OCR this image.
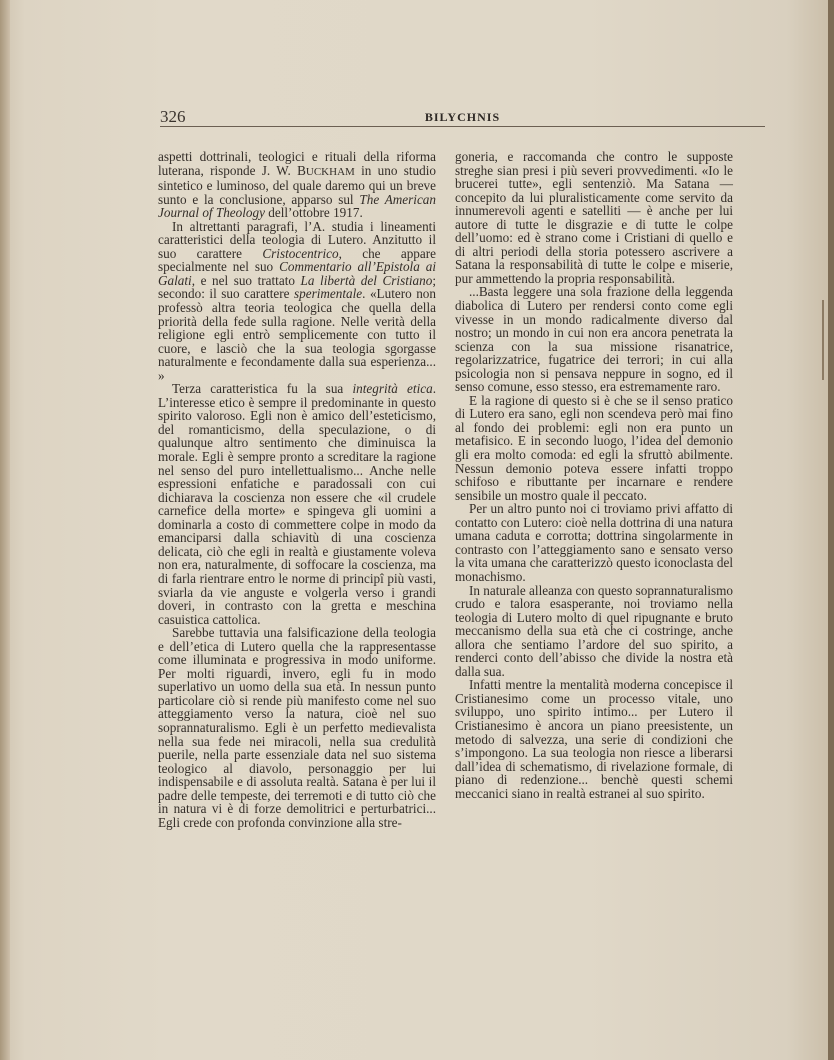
326	BILYCHNIS

aspetti dottrinali, teologici e rituali della riforma luterana, risponde J. W. BUCKHAM in uno studio sintetico e luminoso, del quale daremo qui un breve sunto e la conclusione, apparso sul The American Journal of Theology dell’ottobre 1917.

In altrettanti paragrafi, l’A. studia i lineamenti caratteristici della teologia di Lutero. Anzitutto il suo carattere Cristocentrico, che appare specialmente nel suo Commentario all’Epistola ai Galati, e nel suo trattato La libertà del Cristiano; secondo: il suo carattere sperimentale. «Lutero non professò altra teoria teologica che quella della priorità della fede sulla ragione. Nelle verità della religione egli entrò semplicemente con tutto il cuore, e lasciò che la sua teologia sgorgasse naturalmente e fecondamente dalla sua esperienza... »

Terza caratteristica fu la sua integrità etica. L’interesse etico è sempre il predominante in questo spirito valoroso. Egli non è amico dell’esteticismo, del romanticismo, della speculazione, o di qualunque altro sentimento che diminuisca la morale. Egli è sempre pronto a screditare la ragione nel senso del puro intellettualismo... Anche nelle espressioni enfatiche e paradossali con cui dichiarava la coscienza non essere che «il crudele carnefice della morte» e spingeva gli uomini a dominarla a costo di commettere colpe in modo da emanciparsi dalla schiavitù di una coscienza delicata, ciò che egli in realtà e giustamente voleva non era, naturalmente, di soffocare la coscienza, ma di farla rientrare entro le norme di principî più vasti, sviarla da vie anguste e volgerla verso i grandi doveri, in contrasto con la gretta e meschina casuistica cattolica.

Sarebbe tuttavia una falsificazione della teologia e dell’etica di Lutero quella che la rappresentasse come illuminata e progressiva in modo uniforme. Per molti riguardi, invero, egli fu in modo superlativo un uomo della sua età. In nessun punto particolare ciò si rende più manifesto come nel suo atteggiamento verso la natura, cioè nel suo soprannaturalismo. Egli è un perfetto medievalista nella sua fede nei miracoli, nella sua credulità puerile, nella parte essenziale data nel suo sistema teologico al diavolo, personaggio per lui indispensabile e di assoluta realtà. Satana è per lui il padre delle tempeste, dei terremoti e di tutto ciò che in natura vi è di forze demolitrici e perturbatrici... Egli crede con profonda convinzione alla stre-

goneria, e raccomanda che contro le supposte streghe sian presi i più severi provvedimenti. «Io le brucerei tutte», egli sentenziò. Ma Satana — concepito da lui pluralisticamente come servito da innumerevoli agenti e satelliti — è anche per lui autore di tutte le disgrazie e di tutte le colpe dell’uomo: ed è strano come i Cristiani di quello e di altri periodi della storia potessero ascrivere a Satana la responsabilità di tutte le colpe e miserie, pur ammettendo la propria responsabilità.

...Basta leggere una sola frazione della leggenda diabolica di Lutero per rendersi conto come egli vivesse in un mondo radicalmente diverso dal nostro; un mondo in cui non era ancora penetrata la scienza con la sua missione risanatrice, regolarizzatrice, fugatrice dei terrori; in cui alla psicologia non si pensava neppure in sogno, ed il senso comune, esso stesso, era estremamente raro.

E la ragione di questo si è che se il senso pratico di Lutero era sano, egli non scendeva però mai fino al fondo dei problemi: egli non era punto un metafisico. E in secondo luogo, l’idea del demonio gli era molto comoda: ed egli la sfruttò abilmente. Nessun demonio poteva essere infatti troppo schifoso e ributtante per incarnare e rendere sensibile un mostro quale il peccato.

Per un altro punto noi ci troviamo privi affatto di contatto con Lutero: cioè nella dottrina di una natura umana caduta e corrotta; dottrina singolarmente in contrasto con l’atteggiamento sano e sensato verso la vita umana che caratterizzò questo iconoclasta del monachismo.

In naturale alleanza con questo soprannaturalismo crudo e talora esasperante, noi troviamo nella teologia di Lutero molto di quel ripugnante e bruto meccanismo della sua età che ci costringe, anche allora che sentiamo l’ardore del suo spirito, a renderci conto dell’abisso che divide la nostra età dalla sua.

Infatti mentre la mentalità moderna concepisce il Cristianesimo come un processo vitale, uno sviluppo, uno spirito intimo... per Lutero il Cristianesimo è ancora un piano preesistente, un metodo di salvezza, una serie di condizioni che s’impongono. La sua teologia non riesce a liberarsi dall’idea di schematismo, di rivelazione formale, di piano di redenzione... benchè questi schemi meccanici siano in realtà estranei al suo spirito.
